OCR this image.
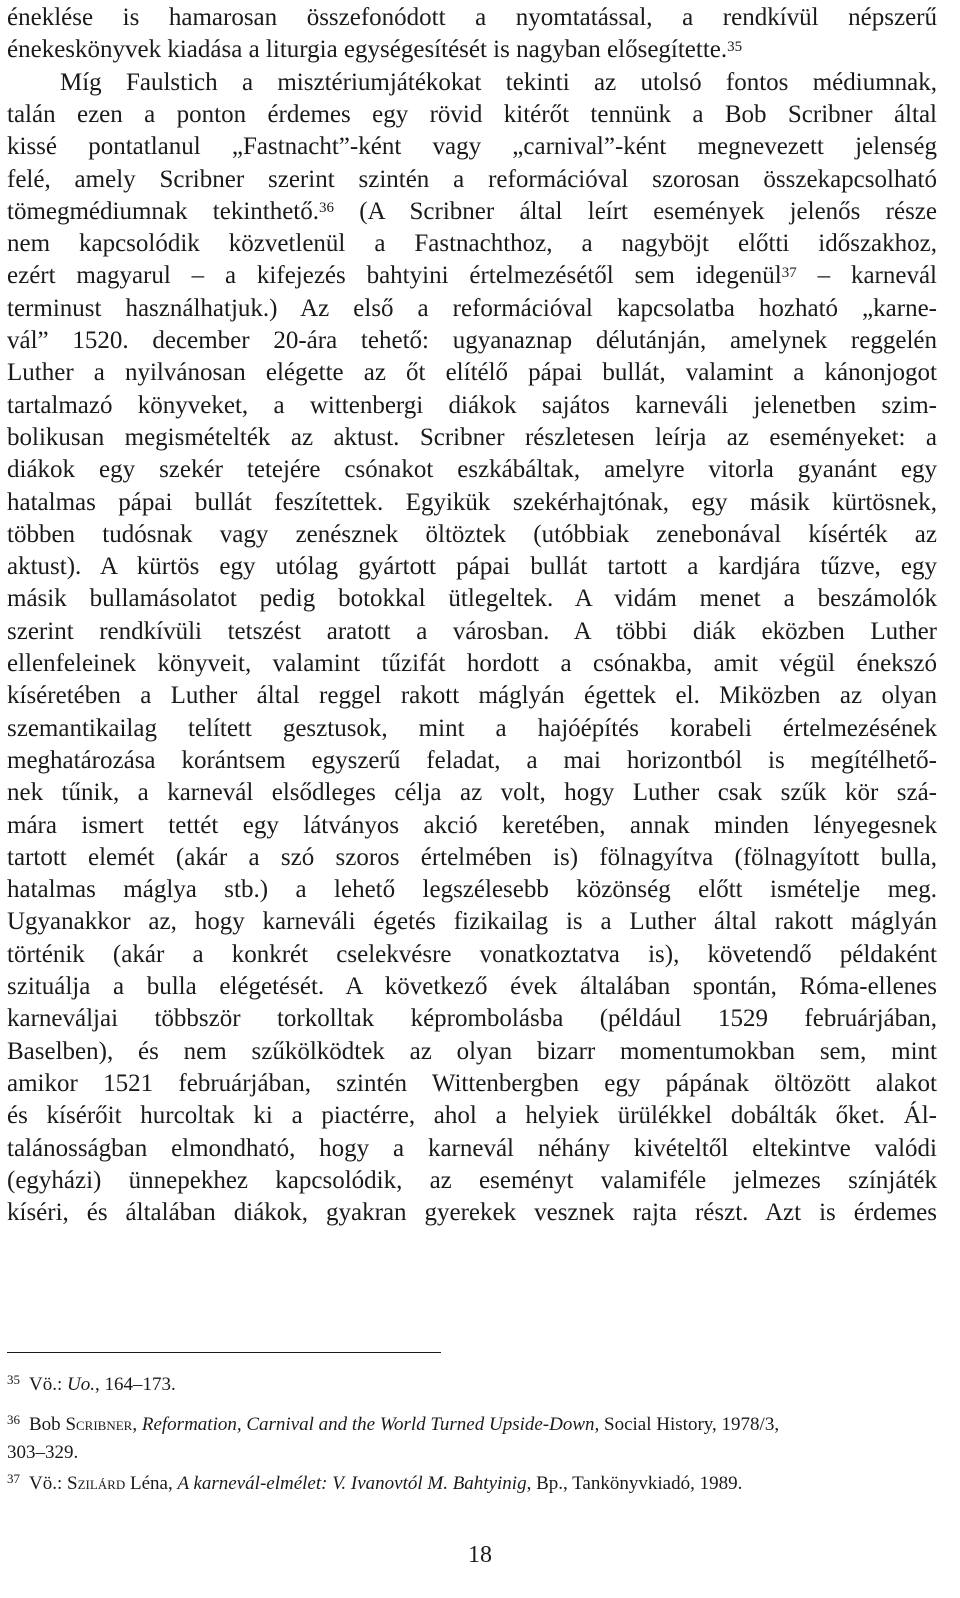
éneklése is hamarosan összefonódott a nyomtatással, a rendkívül népszerű
énekeskönyvek kiadása a liturgia egységesítését is nagyban elősegítette.$^{35}$
Míg Faulstich a misztériumjátékokat tekinti az utolsó fontos médiumnak,
talán ezen a ponton érdemes egy rövid kitérőt tennünk a Bob Scribner által
kissé pontatlanul „Fastnacht”-ként vagy „carnival”-ként megnevezett jelenség
felé, amely Scribner szerint szintén a reformációval szorosan összekapcsolható
tömegmédiumnak tekinthető.$^{36}$ (A Scribner által leírt események jelenős része
nem kapcsolódik közvetlenül a Fastnachthoz, a nagyböjt előtti időszakhoz,
ezért magyarul – a kifejezés bahtyini értelmezésétől sem idegenül$^{37}$ – karnevál
terminust használhatjuk.) Az első a reformációval kapcsolatba hozható „karne-
vál” 1520. december 20-ára tehető: ugyanaznap délutánján, amelynek reggelén
Luther a nyilvánosan elégette az őt elítélő pápai bullát, valamint a kánonjogot
tartalmazó könyveket, a wittenbergi diákok sajátos karneváli jelenetben szim-
bolikusan megismételték az aktust. Scribner részletesen leírja az eseményeket: a
diákok egy szekér tetejére csónakot eszkábáltak, amelyre vitorla gyanánt egy
hatalmas pápai bullát feszítettek. Egyikük szekérhajtónak, egy másik kürtösnek,
többen tudósnak vagy zenésznek öltöztek (utóbbiak zenebonával kísérték az
aktust). A kürtös egy utólag gyártott pápai bullát tartott a kardjára tűzve, egy
másik bullamásolatot pedig botokkal ütlegeltek. A vidám menet a beszámolók
szerint rendkívüli tetszést aratott a városban. A többi diák eközben Luther
ellenfeleinek könyveit, valamint tűzifát hordott a csónakba, amit végül énekszó
kíséretében a Luther által reggel rakott máglyán égettek el. Miközben az olyan
szemantikailag telített gesztusok, mint a hajóépítés korabeli értelmezésének
meghatározása korántsem egyszerű feladat, a mai horizontból is megítélhető-
nek tűnik, a karnevál elsődleges célja az volt, hogy Luther csak szűk kör szá-
mára ismert tettét egy látványos akció keretében, annak minden lényegesnek
tartott elemét (akár a szó szoros értelmében is) fölnagyítva (fölnagyított bulla,
hatalmas máglya stb.) a lehető legszélesebb közönség előtt ismételje meg.
Ugyanakkor az, hogy karneváli égetés fizikailag is a Luther által rakott máglyán
történik (akár a konkrét cselekvésre vonatkoztatva is), követendő példaként
szituálja a bulla elégetését. A következő évek általában spontán, Róma-ellenes
karneváljai többször torkolltak képrombolásba (például 1529 februárjában,
Baselben), és nem szűkölködtek az olyan bizarr momentumokban sem, mint
amikor 1521 februárjában, szintén Wittenbergben egy pápának öltözött alakot
és kísérőit hurcoltak ki a piactérre, ahol a helyiek ürülékkel dobálták őket. Ál-
talánosságban elmondható, hogy a karnevál néhány kivételtől eltekintve valódi
(egyházi) ünnepekhez kapcsolódik, az eseményt valamiféle jelmezes színjáték
kíséri, és általában diákok, gyakran gyerekek vesznek rajta részt. Azt is érdemes
35 Vö.: Uo., 164–173.
36 Bob Scribner, Reformation, Carnival and the World Turned Upside-Down, Social History, 1978/3,
303–329.
37 Vö.: Szilárd Léna, A karnevál-elmélet: V. Ivanovtól M. Bahtyinig, Bp., Tankönyvkiadó, 1989.
18
